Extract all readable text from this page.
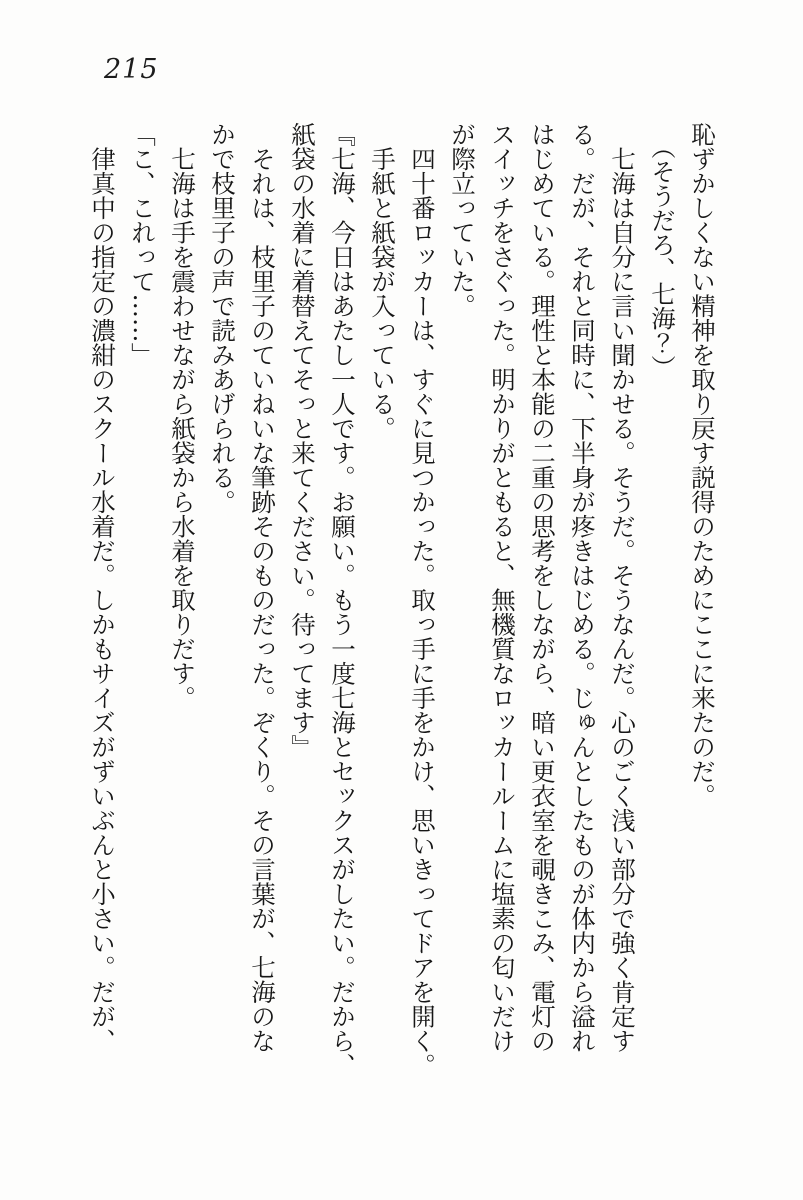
215
恥ずかしくない精神を取り戻す説得のためにここに来たのだ。
　（そうだろ、七海？）
　七海は自分に言い聞かせる。そうだ。そうなんだ。心のごく浅い部分で強く肯定す
る。だが、それと同時に、下半身が疼きはじめる。じゅんとしたものが体内から溢れ
はじめている。理性と本能の二重の思考をしながら、暗い更衣室を覗きこみ、電灯の
スイッチをさぐった。明かりがともると、無機質なロッカールームに塩素の匂いだけ
が際立っていた。
　四十番ロッカーは、すぐに見つかった。取っ手に手をかけ、思いきってドアを開く。
　手紙と紙袋が入っている。
『七海、今日はあたし一人です。お願い。もう一度七海とセックスがしたい。だから、
紙袋の水着に着替えてそっと来てください。待ってます』
　それは、枝里子のていねいな筆跡そのものだった。ぞくり。その言葉が、七海のな
かで枝里子の声で読みあげられる。
　七海は手を震わせながら紙袋から水着を取りだす。
「こ、これって……」
　律真中の指定の濃紺のスクール水着だ。しかもサイズがずいぶんと小さい。だが、
